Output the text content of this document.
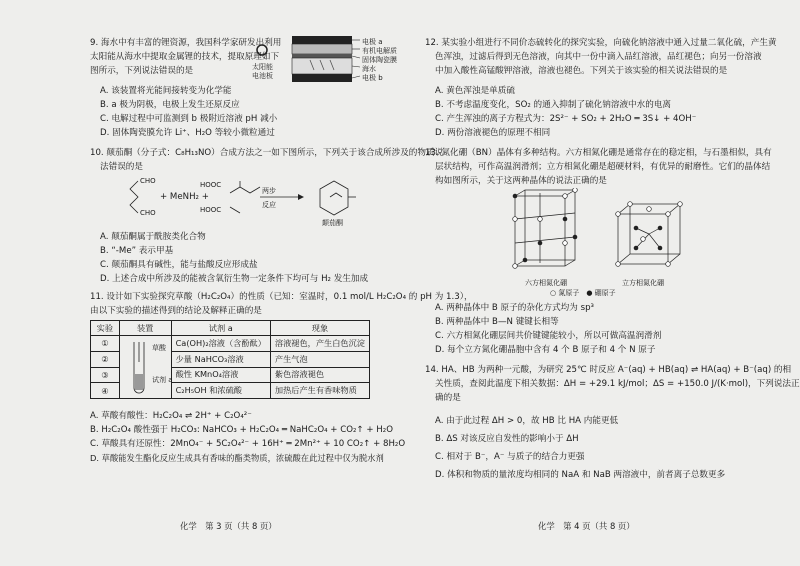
9. 海水中有丰富的锂资源，我国科学家研发出利用
太阳能从海水中提取金属锂的技术，提取原理如下
图所示，下列说法错误的是
电极 a
有机电解质
固体陶瓷膜
海水
电极 b
太阳能
电池板
A. 该装置将光能间接转变为化学能
B. a 极为阴极，电极上发生还原反应
C. 电解过程中可监测到 b 极附近溶液 pH 减小
D. 固体陶瓷膜允许 Li⁺、H₂O 等较小微粒通过
10. 颠茄酮（分子式：C₈H₁₃NO）合成方法之一如下图所示，下列关于该合成所涉及的物质说
法错误的是
CHO
CHO
+ MeNH₂ +
HOOC
HOOC
两步
反应
颠茄酮
A. 颠茄酮属于酰胺类化合物
B. “-Me” 表示甲基
C. 颠茄酮具有碱性，能与盐酸反应形成盐
D. 上述合成中所涉及的能被含氧衍生物一定条件下均可与 H₂ 发生加成
11. 设计如下实验探究草酸（H₂C₂O₄）的性质（已知：室温时，0.1 mol/L H₂C₂O₄ 的 pH 为 1.3），
由以下实验的描述得到的结论及解释正确的是
实验	装置	试剂 a	现象
①		Ca(OH)₂溶液（含酚酞）	溶液褪色，产生白色沉淀
②		少量 NaHCO₃溶液	产生气泡
③		酸性 KMnO₄溶液	紫色溶液褪色
④		C₂H₅OH 和浓硫酸	加热后产生有香味物质
草酸
试剂 a
A. 草酸有酸性：H₂C₂O₄ ⇌ 2H⁺ + C₂O₄²⁻
B. H₂C₂O₄ 酸性强于 H₂CO₃: NaHCO₃ + H₂C₂O₄ ═ NaHC₂O₄ + CO₂↑ + H₂O
C. 草酸具有还原性：2MnO₄⁻ + 5C₂O₄²⁻ + 16H⁺ ═ 2Mn²⁺ + 10 CO₂↑ + 8H₂O
D. 草酸能发生酯化反应生成具有香味的酯类物质，浓硫酸在此过程中仅为脱水剂
化学　第 3 页（共 8 页）
12. 某实验小组进行不同价态硫转化的探究实验，向硫化钠溶液中通入过量二氧化硫，产生黄
色浑浊，过滤后得到无色溶液，向其中一份中滴入品红溶液，品红褪色；向另一份溶液
中加入酸性高锰酸钾溶液，溶液也褪色。下列关于该实验的相关说法错误的是
A. 黄色浑浊是单质硫
B. 不考虑温度变化，SO₂ 的通入抑制了硫化钠溶液中水的电离
C. 产生浑浊的离子方程式为：2S²⁻ + SO₂ + 2H₂O ═ 3S↓ + 4OH⁻
D. 两份溶液褪色的原理不相同
13. 氮化硼（BN）晶体有多种结构。六方相氮化硼是通常存在的稳定相，与石墨相似，具有
层状结构，可作高温润滑剂；立方相氮化硼是超硬材料，有优异的耐磨性。它们的晶体结
构如图所示，关于这两种晶体的说法正确的是
六方相氮化硼	立方相氮化硼
○ 氮原子　● 硼原子
A. 两种晶体中 B 原子的杂化方式均为 sp³
B. 两种晶体中 B—N 键键长相等
C. 六方相氮化硼层间共价键键能较小，所以可做高温润滑剂
D. 每个立方氮化硼晶胞中含有 4 个 B 原子和 4 个 N 原子
14. HA、HB 为两种一元酸，为研究 25℃ 时反应 A⁻(aq) + HB(aq) ⇌ HA(aq) + B⁻(aq) 的相
关性质，查阅此温度下相关数据：ΔH = +29.1 kJ/mol；ΔS = +150.0 J/(K·mol)，下列说法正
确的是
A. 由于此过程 ΔH > 0，故 HB 比 HA 内能更低
B. ΔS 对该反应自发性的影响小于 ΔH
C. 相对于 B⁻，A⁻ 与质子的结合力更强
D. 体积和物质的量浓度均相同的 NaA 和 NaB 两溶液中，前者离子总数更多
化学　第 4 页（共 8 页）
